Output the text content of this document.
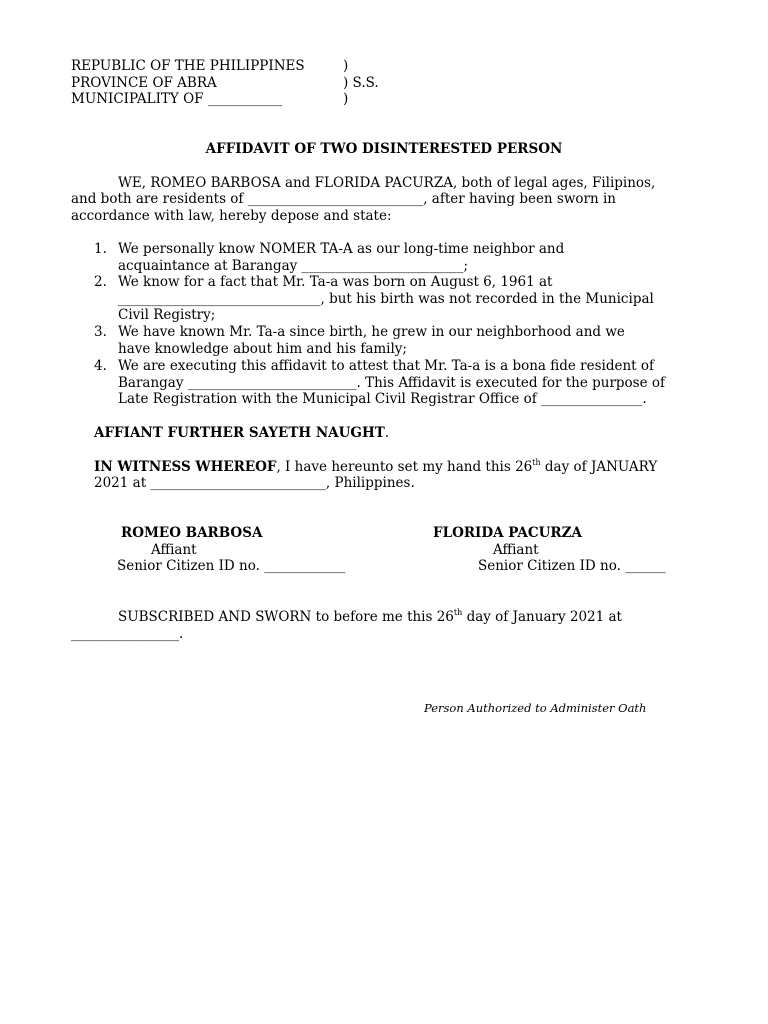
REPUBLIC OF THE PHILIPPINES
PROVINCE OF ABRA
MUNICIPALITY OF ___________
)
) S.S.
)
AFFIDAVIT OF TWO DISINTERESTED PERSON
WE, ROMEO BARBOSA and FLORIDA PACURZA, both of legal ages, Filipinos,
and both are residents of __________________________, after having been sworn in
accordance with law, hereby depose and state:
1. We personally know NOMER TA-A as our long-time neighbor and
acquaintance at Barangay ________________________;
2. We know for a fact that Mr. Ta-a was born on August 6, 1961 at
______________________________, but his birth was not recorded in the Municipal
Civil Registry;
3. We have known Mr. Ta-a since birth, he grew in our neighborhood and we
have knowledge about him and his family;
4. We are executing this affidavit to attest that Mr. Ta-a is a bona fide resident of
Barangay _________________________. This Affidavit is executed for the purpose of
Late Registration with the Municipal Civil Registrar Office of _______________.
AFFIANT FURTHER SAYETH NAUGHT.
IN WITNESS WHEREOF, I have hereunto set my hand this 26th day of JANUARY
2021 at __________________________, Philippines.
ROMEO BARBOSA
Affiant
Senior Citizen ID no. ____________
FLORIDA PACURZA
Affiant
Senior Citizen ID no. ______
SUBSCRIBED AND SWORN to before me this 26th day of January 2021 at
________________.
Person Authorized to Administer Oath
